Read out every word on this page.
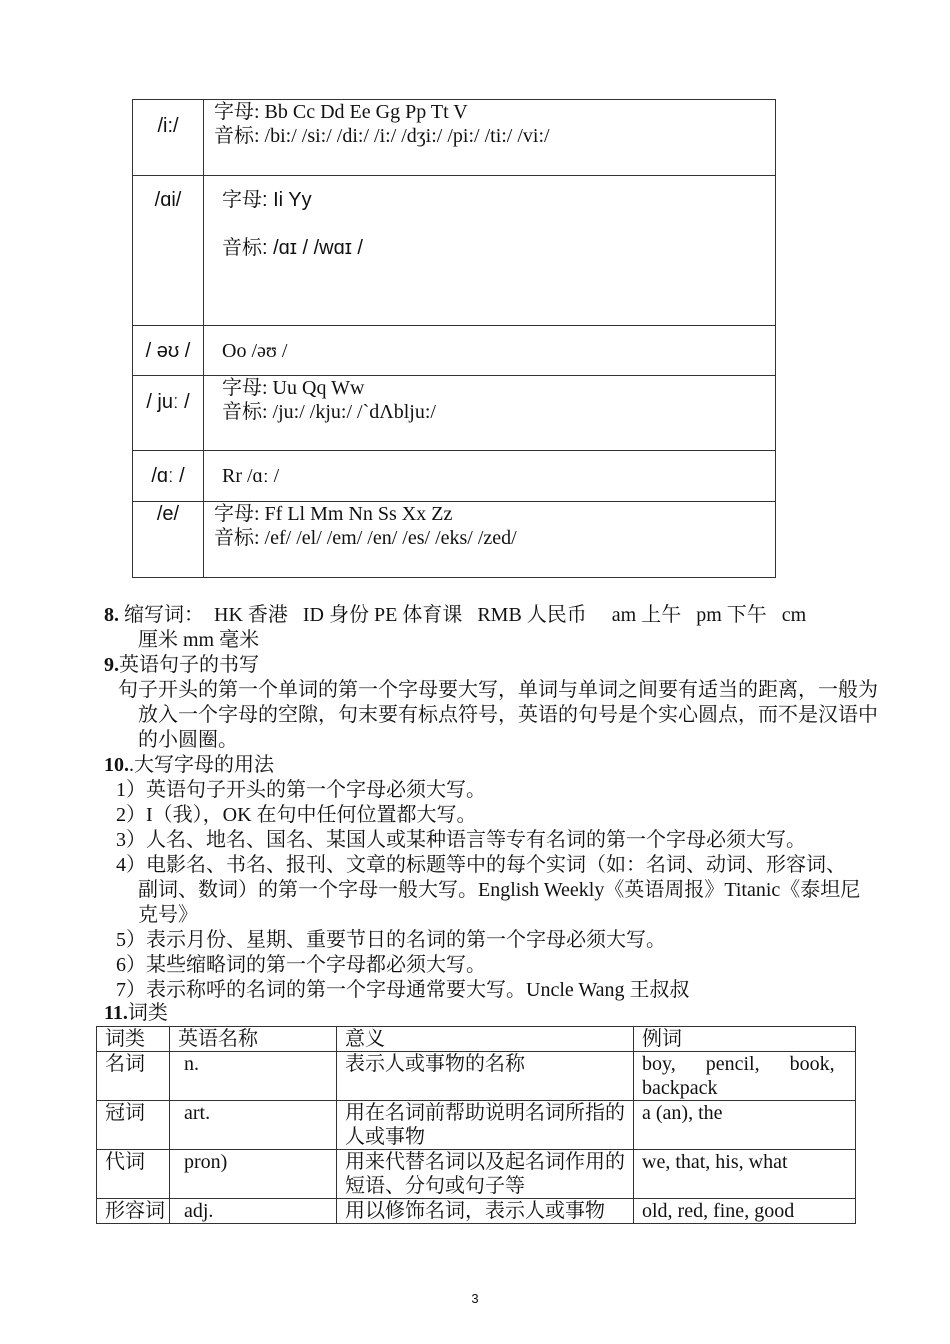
/i:/	字母: Bb Cc Dd Ee Gg Pp Tt V
音标: /bi:/ /si:/ /di:/ /i:/ /dʒi:/ /pi:/ /ti:/ /vi:/

/ɑi/	字母: Ii Yy
音标: /ɑɪ / /wɑɪ /

/ əʊ /	Oo /əʊ /

/ juː /	字母: Uu Qq Ww
音标: /ju:/ /kju:/ /ˋdΛblju:/

/ɑː /	Rr /ɑː /

/e/	字母: Ff Ll Mm Nn Ss Xx Zz
音标: /ef/ /el/ /em/ /en/ /es/ /eks/ /zed/
8. 缩写词：  HK 香港   ID 身份 PE 体育课   RMB 人民币     am 上午   pm 下午   cm
厘米 mm 毫米
9.英语句子的书写
句子开头的第一个单词的第一个字母要大写，单词与单词之间要有适当的距离，一般为放入一个字母的空隙，句末要有标点符号，英语的句号是个实心圆点，而不是汉语中的小圆圈。
10..大写字母的用法
1）英语句子开头的第一个字母必须大写。
2）I（我），OK 在句中任何位置都大写。
3）人名、地名、国名、某国人或某种语言等专有名词的第一个字母必须大写。
4）电影名、书名、报刊、文章的标题等中的每个实词（如：名词、动词、形容词、副词、数词）的第一个字母一般大写。English Weekly《英语周报》Titanic《泰坦尼克号》
5）表示月份、星期、重要节日的名词的第一个字母必须大写。
6）某些缩略词的第一个字母都必须大写。
7）表示称呼的名词的第一个字母通常要大写。Uncle Wang 王叔叔
11.词类
词类	英语名称	意义	例词
名词	n.	表示人或事物的名称	boy,      pencil,      book, backpack
冠词	art.	用在名词前帮助说明名词所指的人或事物	a (an), the
代词	pron)	用来代替名词以及起名词作用的短语、分句或句子等	we, that, his, what
形容词	adj.	用以修饰名词，表示人或事物	old, red, fine, good
3
